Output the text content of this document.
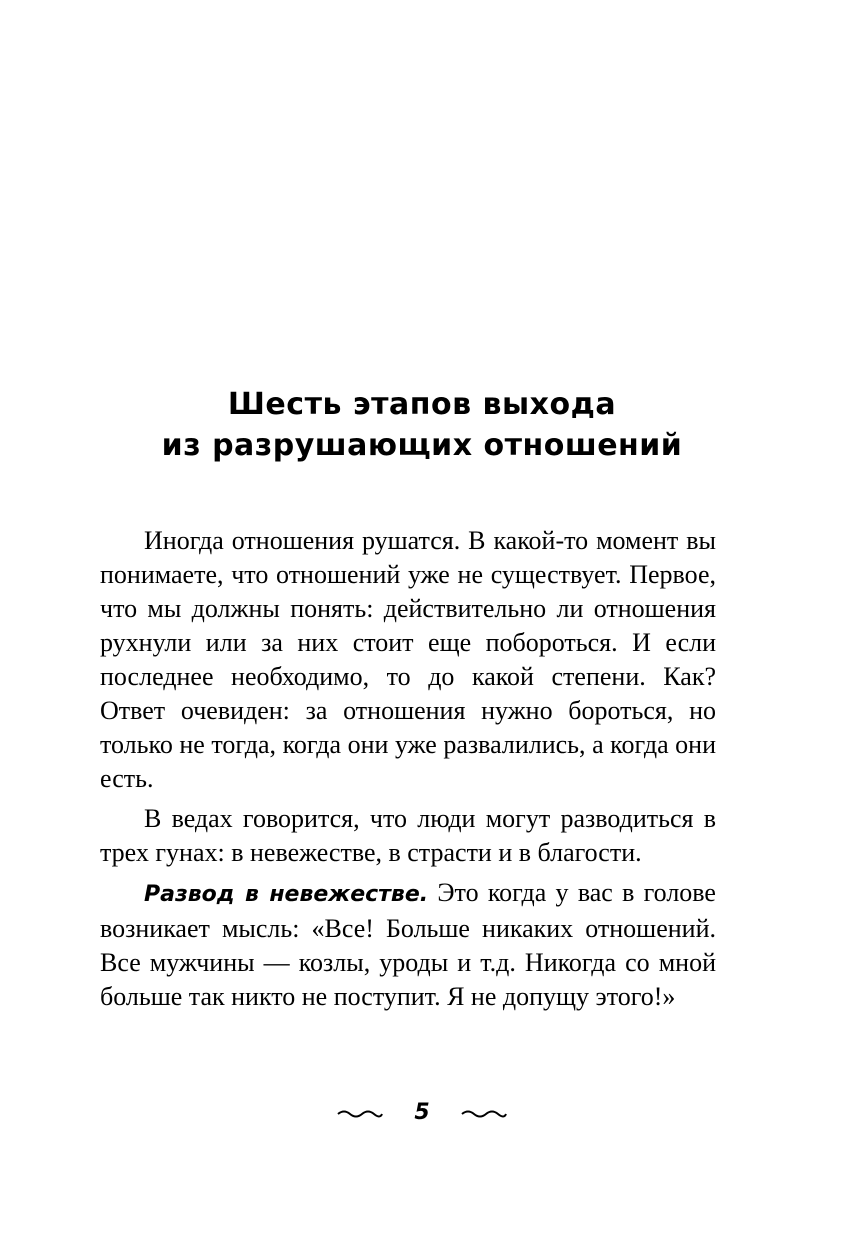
Шесть этапов выхода
из разрушающих отношений

Иногда отношения рушатся. В какой-то момент вы понимаете, что отношений уже не существует. Первое, что мы должны понять: действительно ли отношения рухнули или за них стоит еще побороться. И если последнее необходимо, то до какой степени. Как? Ответ очевиден: за отношения нужно бороться, но только не тогда, когда они уже развалились, а когда они есть.

В ведах говорится, что люди могут разводиться в трех гунах: в невежестве, в страсти и в благости.

Развод в невежестве. Это когда у вас в голове возникает мысль: «Все! Больше никаких отношений. Все мужчины — козлы, уроды и т.д. Никогда со мной больше так никто не поступит. Я не допущу этого!»

5
